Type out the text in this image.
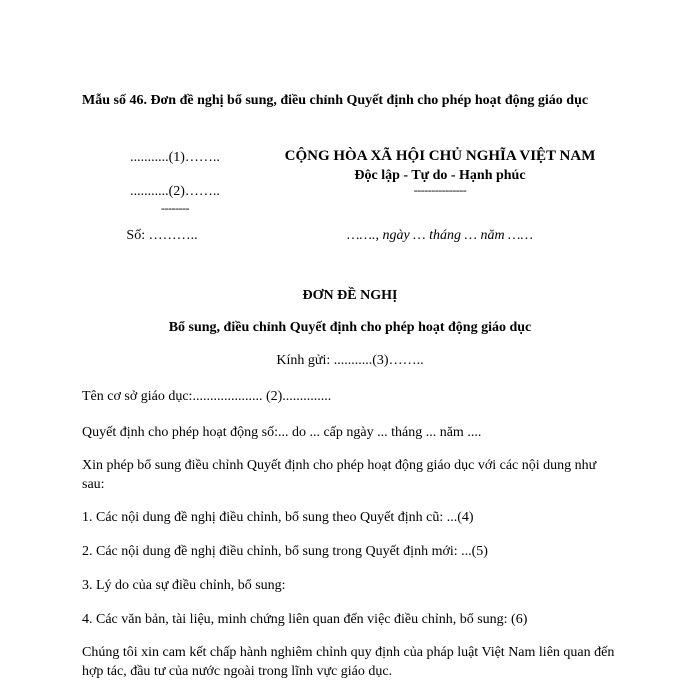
Mẫu số 46. Đơn đề nghị bổ sung, điều chỉnh Quyết định cho phép hoạt động giáo dục
...........(1)……..
...........(2)……..
--------
Số: ………..
CỘNG HÒA XÃ HỘI CHỦ NGHĨA VIỆT NAM
Độc lập - Tự do - Hạnh phúc
---------------
……., ngày … tháng … năm ……
ĐƠN ĐỀ NGHỊ
Bổ sung, điều chỉnh Quyết định cho phép hoạt động giáo dục
Kính gửi: ...........(3)……..
Tên cơ sở giáo dục:.................... (2)..............
Quyết định cho phép hoạt động số:... do ... cấp ngày ... tháng ... năm ....
Xin phép bổ sung điều chỉnh Quyết định cho phép hoạt động giáo dục với các nội dung như sau:
1. Các nội dung đề nghị điều chỉnh, bổ sung theo Quyết định cũ: ...(4)
2. Các nội dung đề nghị điều chỉnh, bổ sung trong Quyết định mới: ...(5)
3. Lý do của sự điều chỉnh, bổ sung:
4. Các văn bản, tài liệu, minh chứng liên quan đến việc điều chỉnh, bổ sung: (6)
Chúng tôi xin cam kết chấp hành nghiêm chỉnh quy định của pháp luật Việt Nam liên quan đến hợp tác, đầu tư của nước ngoài trong lĩnh vực giáo dục.
